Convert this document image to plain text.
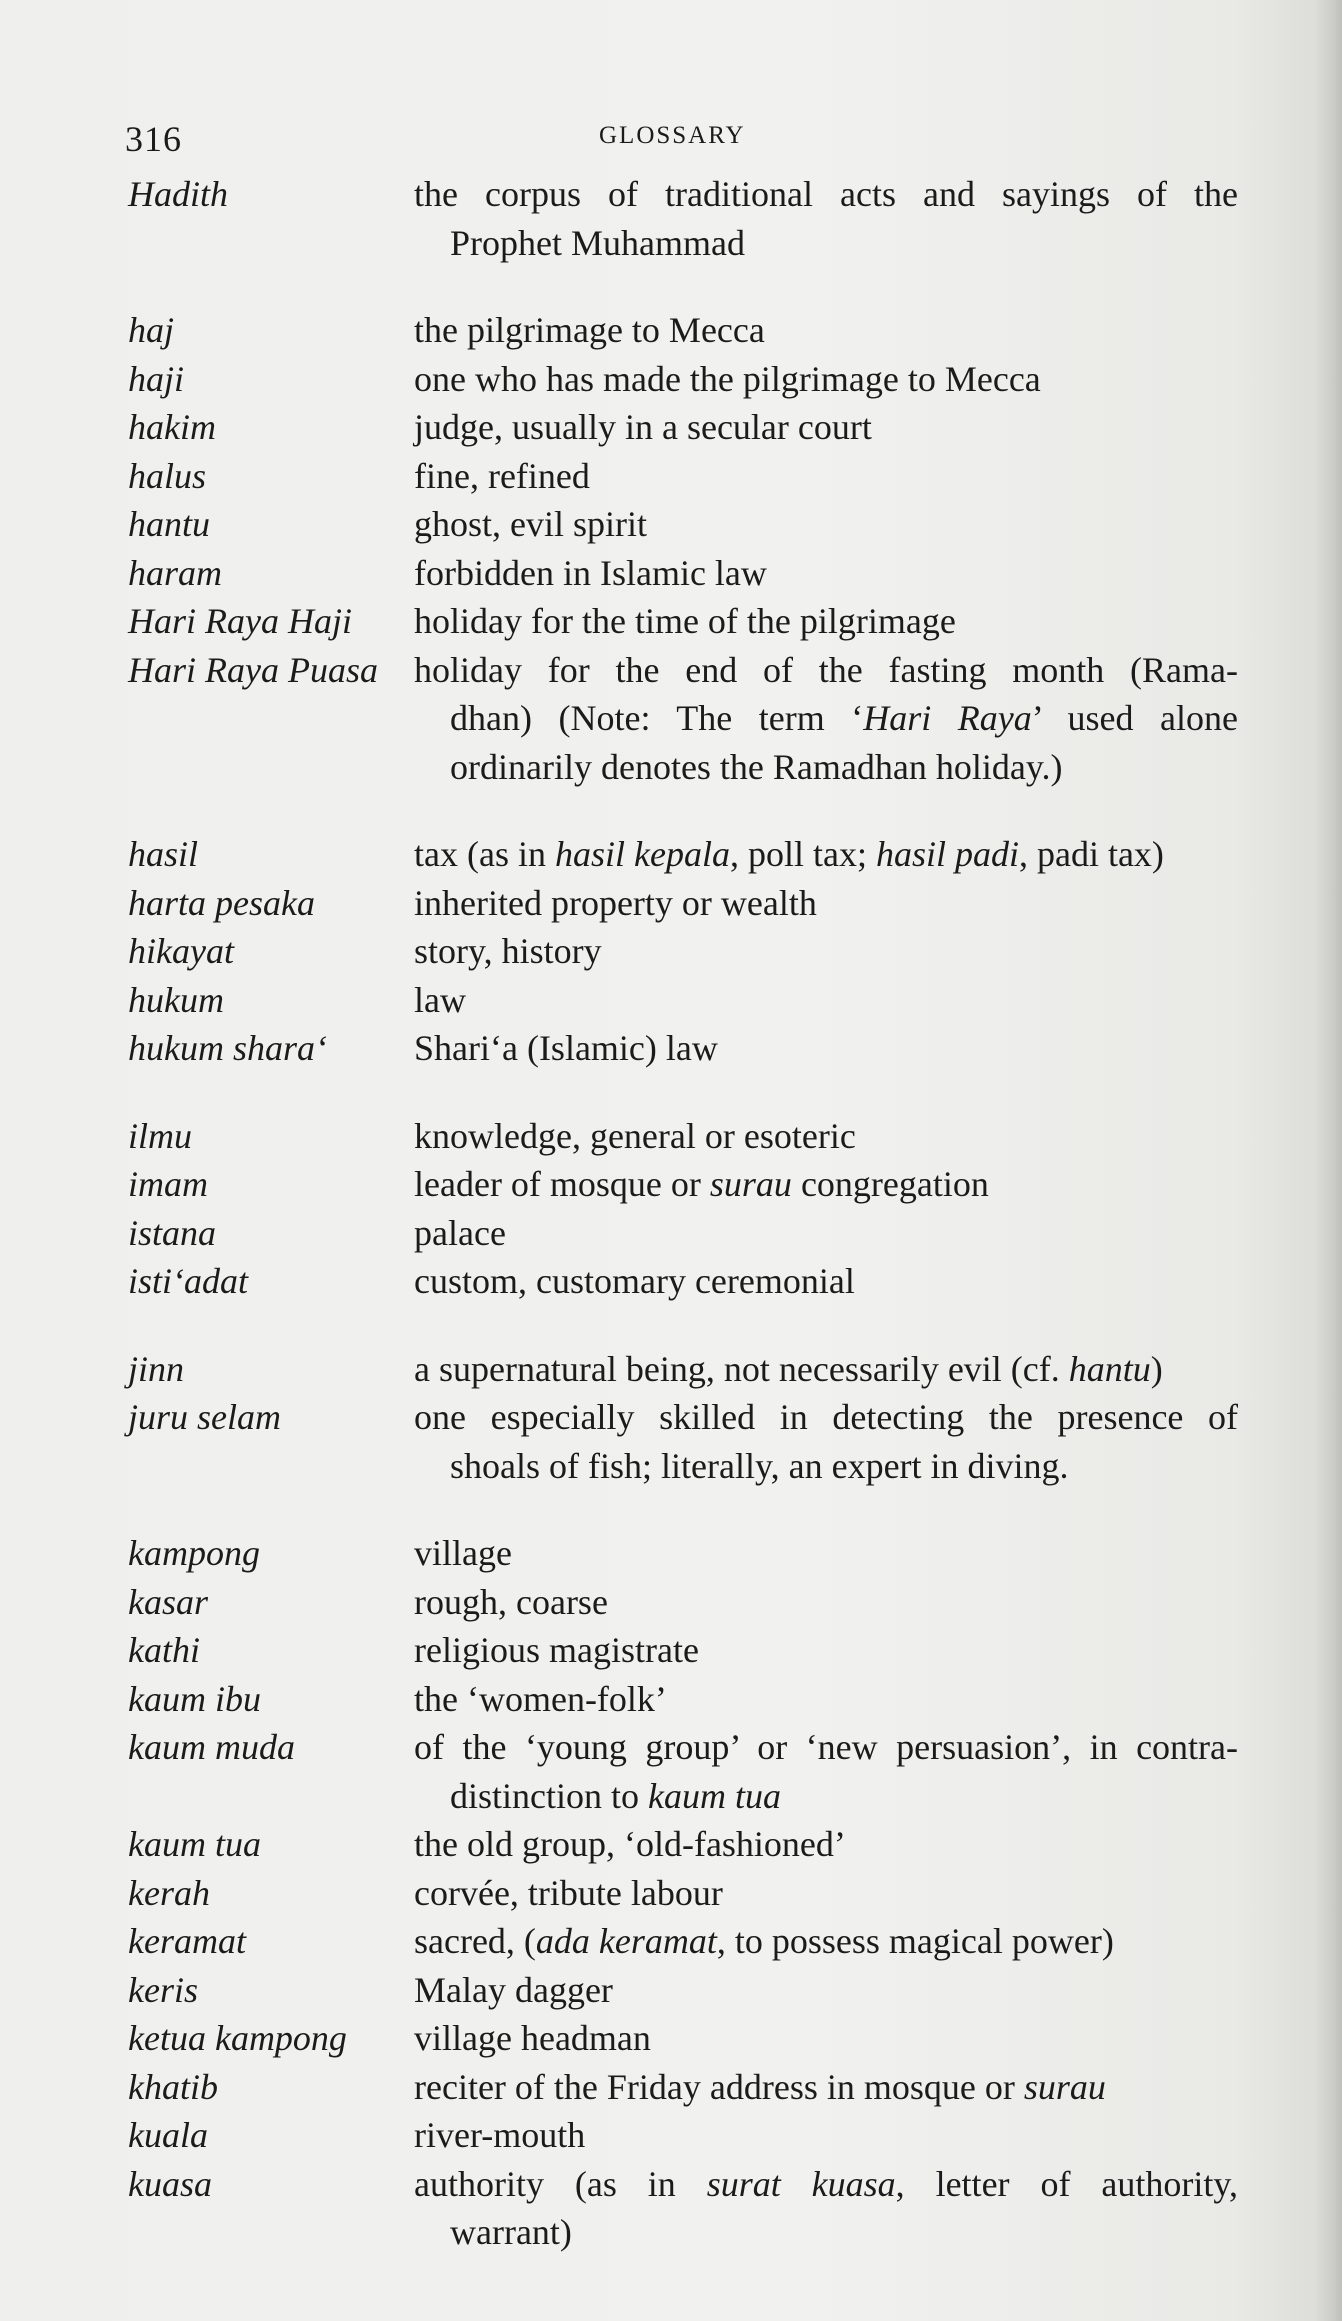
316	GLOSSARY
Hadith	the corpus of traditional acts and sayings of the
Prophet Muhammad
haj	the pilgrimage to Mecca
haji	one who has made the pilgrimage to Mecca
hakim	judge, usually in a secular court
halus	fine, refined
hantu	ghost, evil spirit
haram	forbidden in Islamic law
Hari Raya Haji	holiday for the time of the pilgrimage
Hari Raya Puasa	holiday for the end of the fasting month (Rama-
dhan) (Note: The term ‘Hari Raya’ used alone
ordinarily denotes the Ramadhan holiday.)
hasil	tax (as in hasil kepala, poll tax; hasil padi, padi tax)
harta pesaka	inherited property or wealth
hikayat	story, history
hukum	law
hukum shara‘	Shari‘a (Islamic) law
ilmu	knowledge, general or esoteric
imam	leader of mosque or surau congregation
istana	palace
isti‘adat	custom, customary ceremonial
jinn	a supernatural being, not necessarily evil (cf. hantu)
juru selam	one especially skilled in detecting the presence of
shoals of fish; literally, an expert in diving.
kampong	village
kasar	rough, coarse
kathi	religious magistrate
kaum ibu	the ‘women-folk’
kaum muda	of the ‘young group’ or ‘new persuasion’, in contra-
distinction to kaum tua
kaum tua	the old group, ‘old-fashioned’
kerah	corvée, tribute labour
keramat	sacred, (ada keramat, to possess magical power)
keris	Malay dagger
ketua kampong	village headman
khatib	reciter of the Friday address in mosque or surau
kuala	river-mouth
kuasa	authority (as in surat kuasa, letter of authority,
warrant)
